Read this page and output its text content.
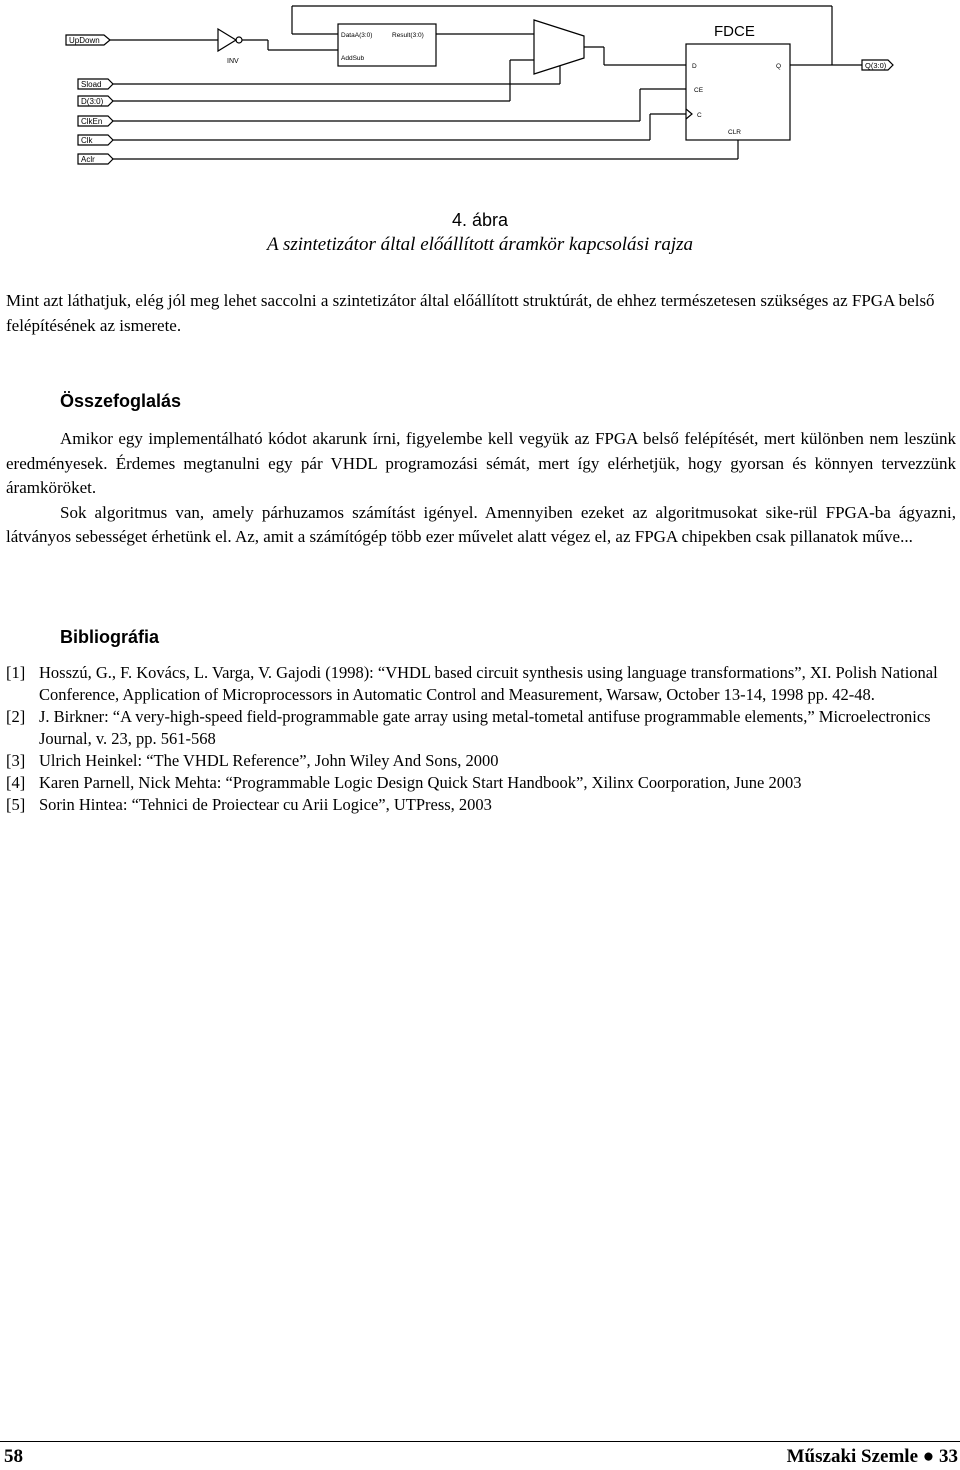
UpDown
Sload
D(3:0)
ClkEn
Clk
Aclr
INV
DataA(3:0)	Result(3:0)
AddSub
FDCE
D	Q
CE
C
CLR
Q(3:0)
4. ábra
A szintetizátor által előállított áramkör kapcsolási rajza

Mint azt láthatjuk, elég jól meg lehet saccolni a szintetizátor által előállított struktúrát, de ehhez természetesen szükséges az FPGA belső felépítésének az ismerete.

Összefoglalás

Amikor egy implementálható kódot akarunk írni, figyelembe kell vegyük az FPGA belső felépítését, mert különben nem leszünk eredményesek. Érdemes megtanulni egy pár VHDL programozási sémát, mert így elérhetjük, hogy gyorsan és könnyen tervezzünk áramköröket.

Sok algoritmus van, amely párhuzamos számítást igényel. Amennyiben ezeket az algoritmusokat sike-rül FPGA-ba ágyazni, látványos sebességet érhetünk el. Az, amit a számítógép több ezer művelet alatt végez el, az FPGA chipekben csak pillanatok műve...

Bibliográfia
[1] Hosszú, G., F. Kovács, L. Varga, V. Gajodi (1998): “VHDL based circuit synthesis using language transformations”, XI. Polish National Conference, Application of Microprocessors in Automatic Control and Measurement, Warsaw, October 13-14, 1998 pp. 42-48.
[2] J. Birkner: “A very-high-speed field-programmable gate array using metal-tometal antifuse programmable elements,” Microelectronics Journal, v. 23, pp. 561-568
[3] Ulrich Heinkel: “The VHDL Reference”, John Wiley And Sons, 2000
[4] Karen Parnell, Nick Mehta: “Programmable Logic Design Quick Start Handbook”, Xilinx Coorporation, June 2003
[5] Sorin Hintea: “Tehnici de Proiectear cu Arii Logice”, UTPress, 2003
58	Műszaki Szemle ● 33
